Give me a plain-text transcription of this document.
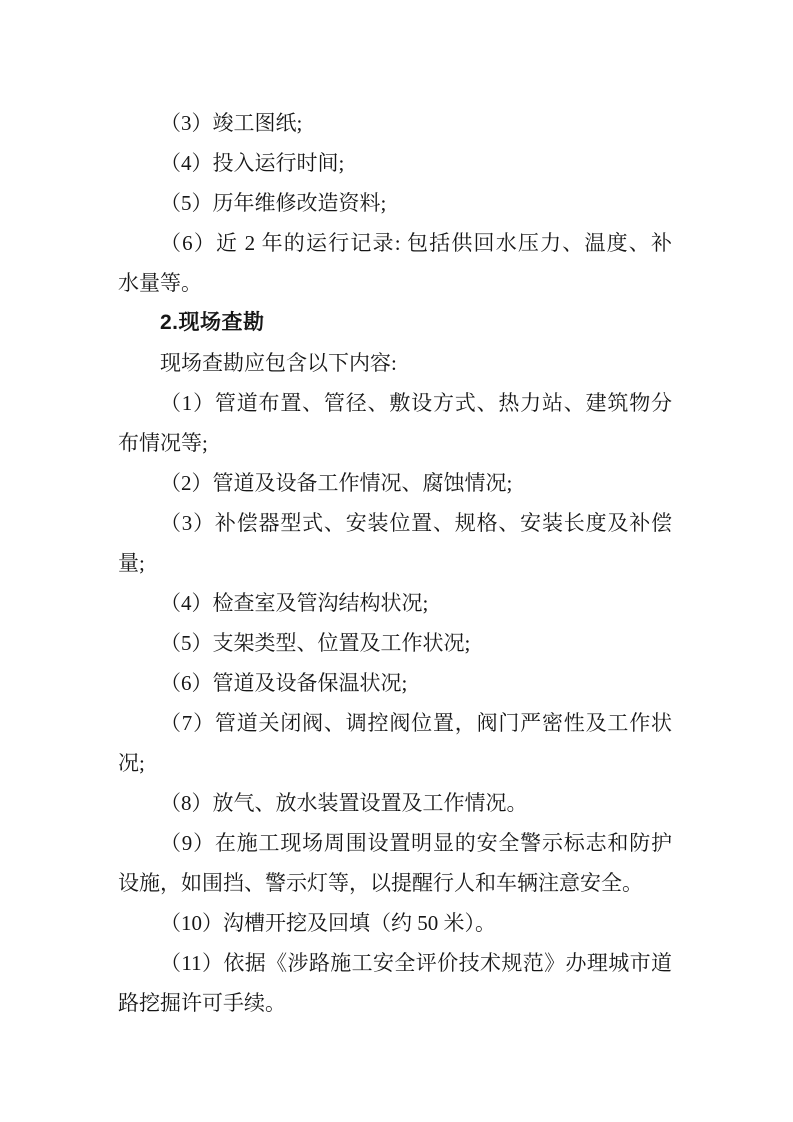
（3）竣工图纸;
（4）投入运行时间;
（5）历年维修改造资料;
（6）近 2 年的运行记录: 包括供回水压力、温度、补
水量等。
2.现场查勘
现场查勘应包含以下内容:
（1）管道布置、管径、敷设方式、热力站、建筑物分
布情况等;
（2）管道及设备工作情况、腐蚀情况;
（3）补偿器型式、安装位置、规格、安装长度及补偿
量;
（4）检查室及管沟结构状况;
（5）支架类型、位置及工作状况;
（6）管道及设备保温状况;
（7）管道关闭阀、调控阀位置，阀门严密性及工作状
况;
（8）放气、放水装置设置及工作情况。
（9）在施工现场周围设置明显的安全警示标志和防护
设施，如围挡、警示灯等，以提醒行人和车辆注意安全。
（10）沟槽开挖及回填（约 50 米）。
（11）依据《涉路施工安全评价技术规范》办理城市道
路挖掘许可手续。
